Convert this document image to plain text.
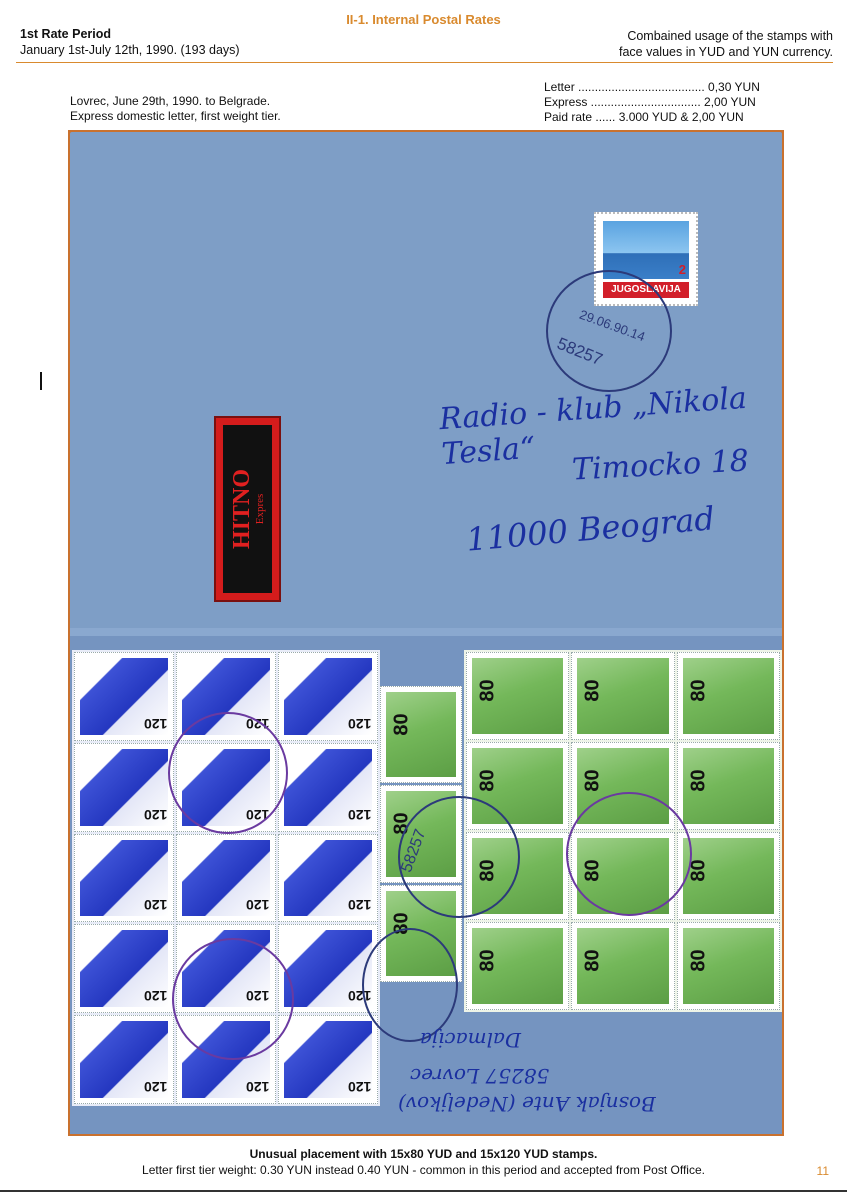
II-1. Internal Postal Rates
1st Rate Period
January 1st-July 12th, 1990. (193 days)
Combained usage of the stamps with
face values in YUD and YUN currency.
Lovrec, June 29th, 1990. to Belgrade.
Express domestic letter, first weight tier.
Letter ...................................... 0,30 YUN
Express ................................. 2,00 YUN
Paid rate ...... 3.000 YUD & 2,00 YUN
HITNO Expres
2
JUGOSLAVIJA
29.06.90.14
58257
Radio - klub „Nikola Tesla“	Timocko 18
11000 Beograd
120	120	120
120	120	120
120	120	120
120	120	120
120	120	120
80
80
80
80	80	80
80	80	80
80	80	80
80	80	80
58257
Dalmacija
58257 Lovrec
Bosnjak Ante (Nedeljkov)
Unusual placement with 15x80 YUD and 15x120 YUD stamps.
Letter first tier weight: 0.30 YUN instead 0.40 YUN - common in this period and accepted from Post Office.	11
